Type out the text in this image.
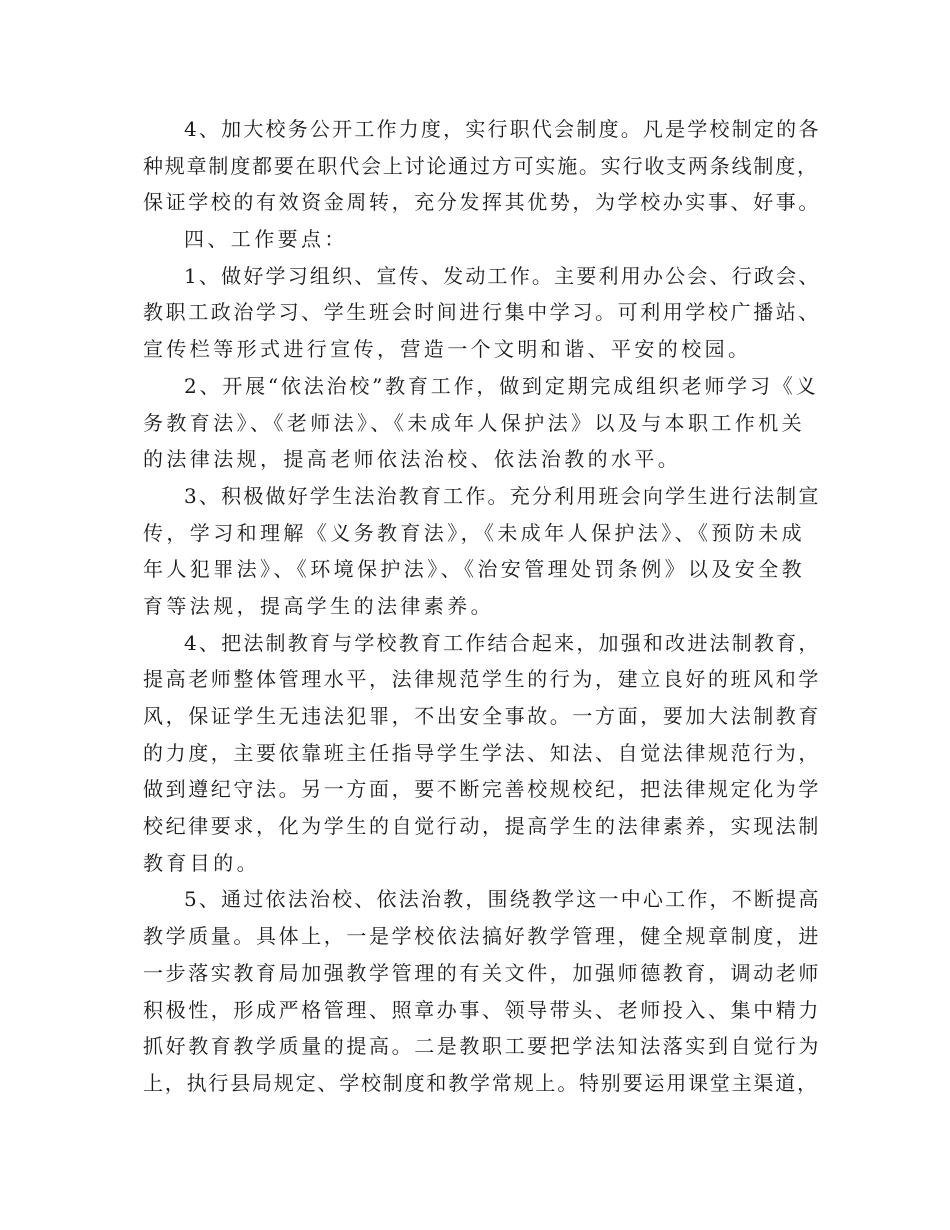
4、加大校务公开工作力度，实行职代会制度。凡是学校制定的各
种规章制度都要在职代会上讨论通过方可实施。实行收支两条线制度，
保证学校的有效资金周转，充分发挥其优势，为学校办实事、好事。
四、工作要点：
1、做好学习组织、宣传、发动工作。主要利用办公会、行政会、
教职工政治学习、学生班会时间进行集中学习。可利用学校广播站、
宣传栏等形式进行宣传，营造一个文明和谐、平安的校园。
2、开展“依法治校”教育工作，做到定期完成组织老师学习《义
务教育法》、《老师法》、《未成年人保护法》以及与本职工作机关
的法律法规，提高老师依法治校、依法治教的水平。
3、积极做好学生法治教育工作。充分利用班会向学生进行法制宣
传，学习和理解《义务教育法》，《未成年人保护法》、《预防未成
年人犯罪法》、《环境保护法》、《治安管理处罚条例》以及安全教
育等法规，提高学生的法律素养。
4、把法制教育与学校教育工作结合起来，加强和改进法制教育，
提高老师整体管理水平，法律规范学生的行为，建立良好的班风和学
风，保证学生无违法犯罪，不出安全事故。一方面，要加大法制教育
的力度，主要依靠班主任指导学生学法、知法、自觉法律规范行为，
做到遵纪守法。另一方面，要不断完善校规校纪，把法律规定化为学
校纪律要求，化为学生的自觉行动，提高学生的法律素养，实现法制
教育目的。
5、通过依法治校、依法治教，围绕教学这一中心工作，不断提高
教学质量。具体上，一是学校依法搞好教学管理，健全规章制度，进
一步落实教育局加强教学管理的有关文件，加强师德教育，调动老师
积极性，形成严格管理、照章办事、领导带头、老师投入、集中精力
抓好教育教学质量的提高。二是教职工要把学法知法落实到自觉行为
上，执行县局规定、学校制度和教学常规上。特别要运用课堂主渠道，
